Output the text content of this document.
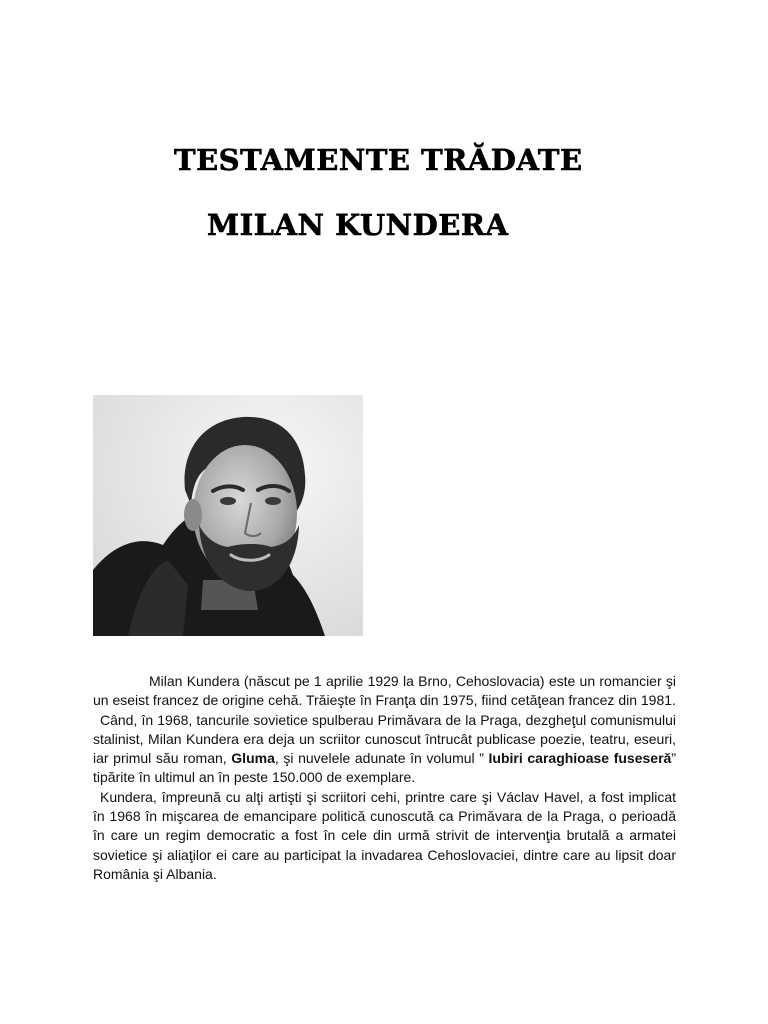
TESTAMENTE TRĂDATE
MILAN KUNDERA

Milan Kundera (născut pe 1 aprilie 1929 la Brno, Cehoslovacia) este un romancier şi un eseist francez de origine cehă. Trăieşte în Franţa din 1975, fiind cetăţean francez din 1981.

Când, în 1968, tancurile sovietice spulberau Primăvara de la Praga, dezgheţul comunismului stalinist, Milan Kundera era deja un scriitor cunoscut întrucât publicase poezie, teatru, eseuri, iar primul său roman, Gluma, şi nuvelele adunate în volumul ” Iubiri caraghioase fuseseră” tipărite în ultimul an în peste 150.000 de exemplare.

Kundera, împreună cu alţi artişti şi scriitori cehi, printre care şi Václav Havel, a fost implicat în 1968 în mişcarea de emancipare politică cunoscută ca Primăvara de la Praga, o perioadă în care un regim democratic a fost în cele din urmă strivit de intervenţia brutală a armatei sovietice şi aliaţilor ei care au participat la invadarea Cehoslovaciei, dintre care au lipsit doar România şi Albania.
